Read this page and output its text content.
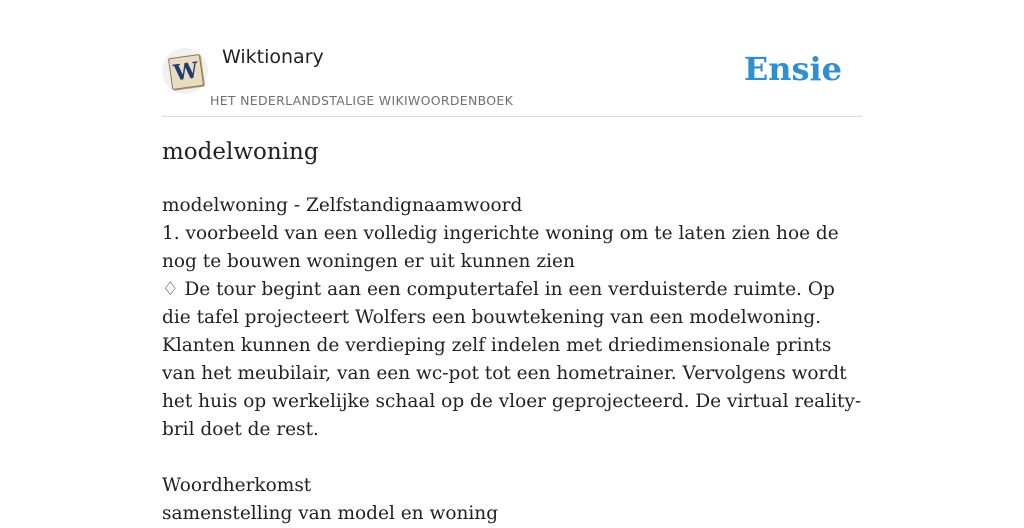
W
Wiktionary
HET NEDERLANDSTALIGE WIKIWOORDENBOEK
Ensie
modelwoning

modelwoning - Zelfstandignaamwoord

1. voorbeeld van een volledig ingerichte woning om te laten zien hoe de nog te bouwen woningen er uit kunnen zien

♢ De tour begint aan een computertafel in een verduisterde ruimte. Op die tafel projecteert Wolfers een bouwtekening van een modelwoning. Klanten kunnen de verdieping zelf indelen met driedimensionale prints van het meubilair, van een wc-pot tot een hometrainer. Vervolgens wordt het huis op werkelijke schaal op de vloer geprojecteerd. De virtual reality-bril doet de rest.

Woordherkomst

samenstelling van model en woning
